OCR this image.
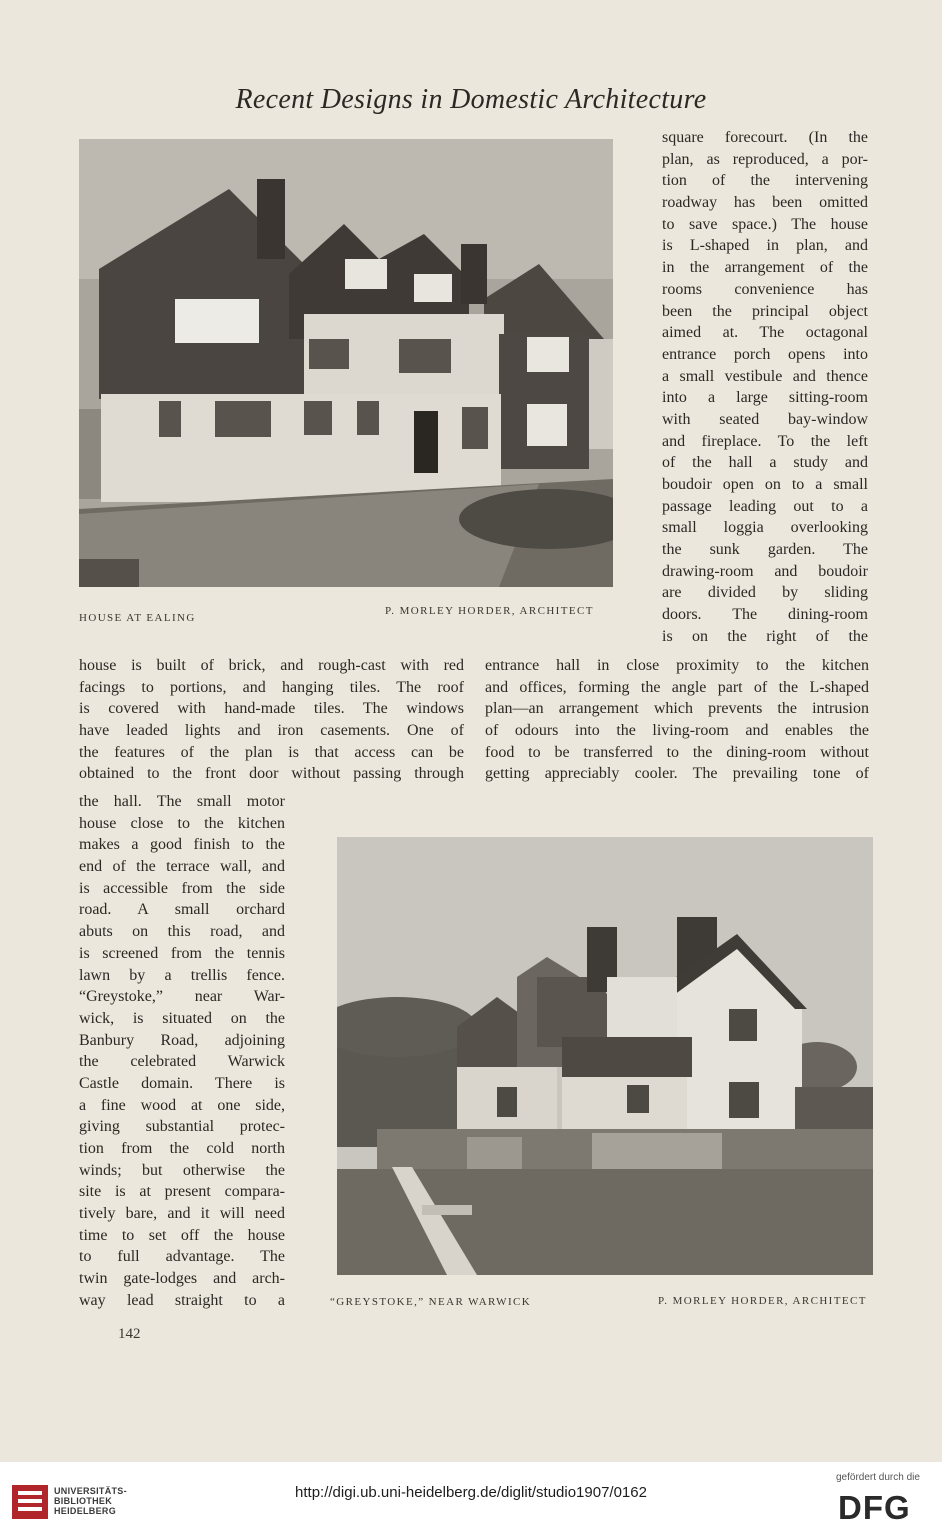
Recent Designs in Domestic Architecture
HOUSE AT EALING
P. MORLEY HORDER, ARCHITECT
square forecourt. (In the
plan, as reproduced, a por-
tion of the intervening
roadway has been omitted
to save space.) The house
is L-shaped in plan, and
in the arrangement of the
rooms convenience has
been the principal object
aimed at. The octagonal
entrance porch opens into
a small vestibule and thence
into a large sitting-room
with seated bay-window
and fireplace. To the left
of the hall a study and
boudoir open on to a small
passage leading out to a
small loggia overlooking
the sunk garden. The
drawing-room and boudoir
are divided by sliding
doors. The dining-room
is on the right of the
house is built of brick, and rough-cast with red
facings to portions, and hanging tiles. The roof
is covered with hand-made tiles. The windows
have leaded lights and iron casements. One of
the features of the plan is that access can be
obtained to the front door without passing through
entrance hall in close proximity to the kitchen
and offices, forming the angle part of the L-shaped
plan—an arrangement which prevents the intrusion
of odours into the living-room and enables the
food to be transferred to the dining-room without
getting appreciably cooler. The prevailing tone of
the hall. The small motor
house close to the kitchen
makes a good finish to the
end of the terrace wall, and
is accessible from the side
road. A small orchard
abuts on this road, and
is screened from the tennis
lawn by a trellis fence.
“Greystoke,” near War-
wick, is situated on the
Banbury Road, adjoining
the celebrated Warwick
Castle domain. There is
a fine wood at one side,
giving substantial protec-
tion from the cold north
winds; but otherwise the
site is at present compara-
tively bare, and it will need
time to set off the house
to full advantage. The
twin gate-lodges and arch-
way lead straight to a	“GREYSTOKE,” NEAR WARWICK	P. MORLEY HORDER, ARCHITECT
142
UNIVERSITÄTS-
BIBLIOTHEK
HEIDELBERG
http://digi.ub.uni-heidelberg.de/diglit/studio1907/0162
gefördert durch die
DFG
